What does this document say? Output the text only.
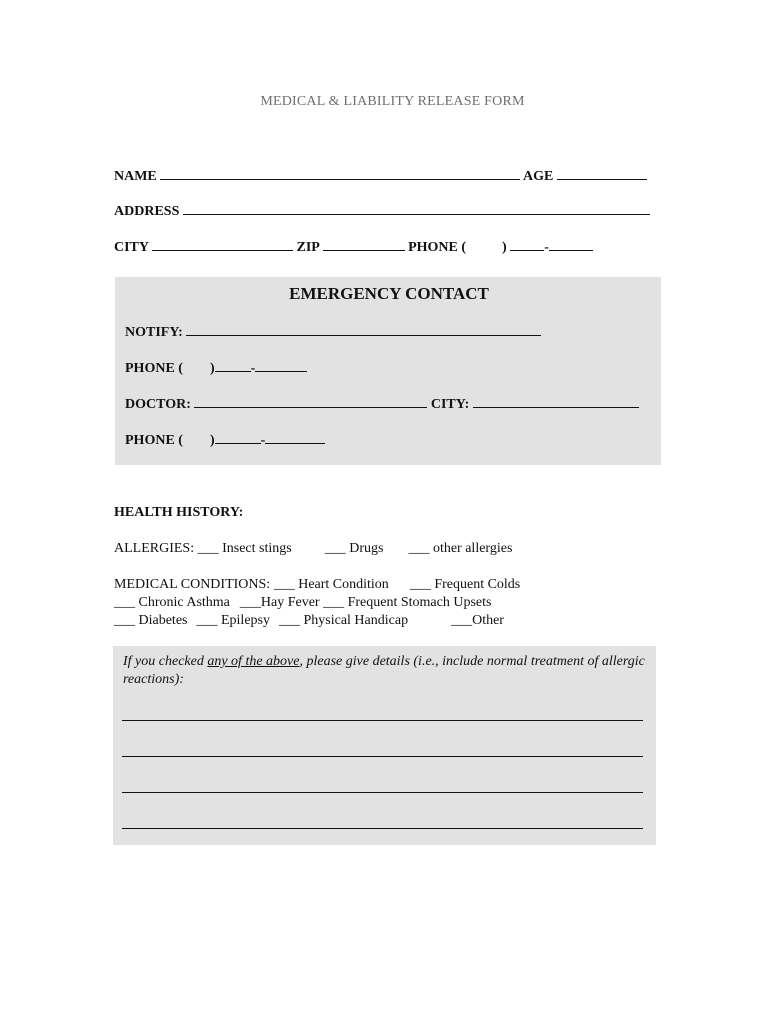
MEDICAL & LIABILITY RELEASE FORM
NAME	AGE
ADDRESS
CITY	ZIP	PHONE (	)	-
EMERGENCY CONTACT
NOTIFY:
PHONE ( )	-
DOCTOR:	CITY:
PHONE ( )	-
HEALTH HISTORY:
ALLERGIES: ___ Insect stings ___ Drugs ___ other allergies
MEDICAL CONDITIONS: ___ Heart Condition ___ Frequent Colds
___ Chronic Asthma ___Hay Fever ___ Frequent Stomach Upsets
___ Diabetes ___ Epilepsy ___ Physical Handicap	___Other
If you checked any of the above, please give details (i.e., include normal treatment of allergic reactions):
